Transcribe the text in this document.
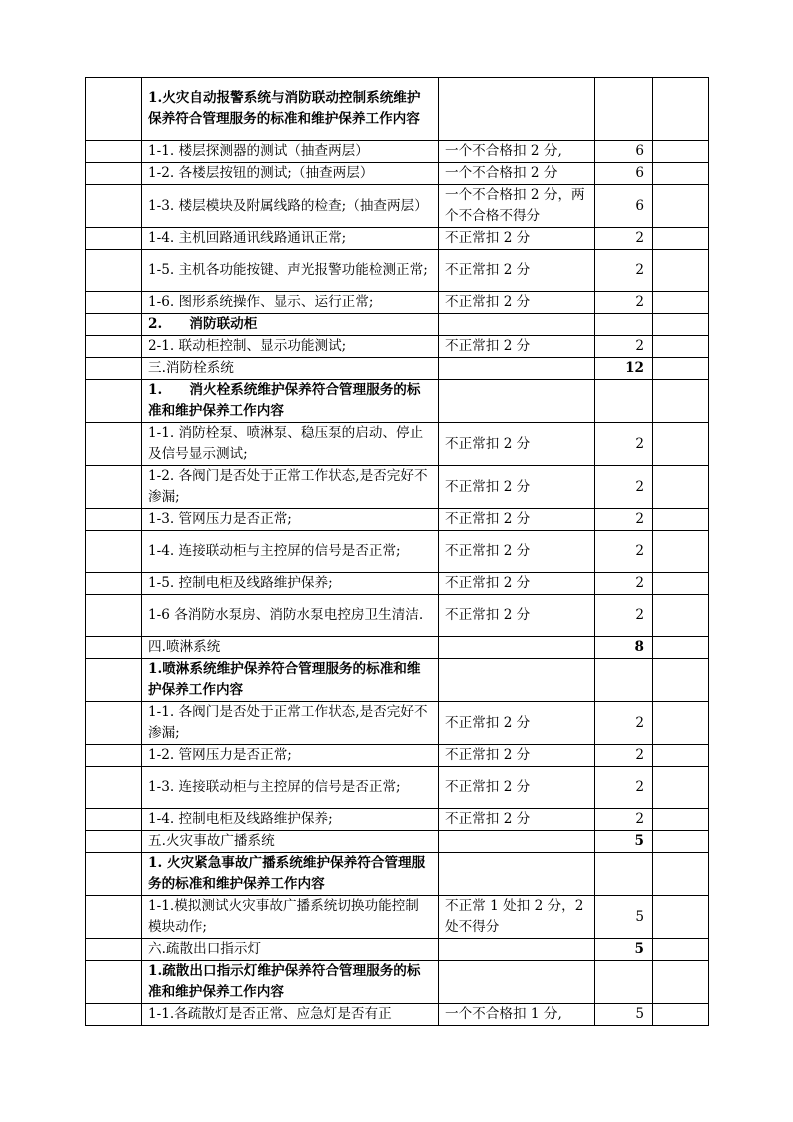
	1.火灾自动报警系统与消防联动控制系统维护保养符合管理服务的标准和维护保养工作内容			
	1-1. 楼层探测器的测试（抽查两层）	一个不合格扣 2 分,	6	
	1-2. 各楼层按钮的测试;（抽查两层）	一个不合格扣 2 分	6	
	1-3. 楼层模块及附属线路的检查;（抽查两层）	一个不合格扣 2 分，两个不合格不得分	6	
	1-4. 主机回路通讯线路通讯正常;	不正常扣 2 分	2	
	1-5. 主机各功能按键、声光报警功能检测正常;	不正常扣 2 分	2	
	1-6. 图形系统操作、显示、运行正常;	不正常扣 2 分	2	
	2.　　消防联动柜			
	2-1. 联动柜控制、显示功能测试;	不正常扣 2 分	2	
	三.消防栓系统		12	
	1.　　消火栓系统维护保养符合管理服务的标准和维护保养工作内容			
	1-1. 消防栓泵、喷淋泵、稳压泵的启动、停止及信号显示测试;	不正常扣 2 分	2	
	1-2. 各阀门是否处于正常工作状态,是否完好不渗漏;	不正常扣 2 分	2	
	1-3. 管网压力是否正常;	不正常扣 2 分	2	
	1-4. 连接联动柜与主控屏的信号是否正常;	不正常扣 2 分	2	
	1-5. 控制电柜及线路维护保养;	不正常扣 2 分	2	
	1-6 各消防水泵房、消防水泵电控房卫生清洁.	不正常扣 2 分	2	
	四.喷淋系统		8	
	1.喷淋系统维护保养符合管理服务的标准和维护保养工作内容			
	1-1. 各阀门是否处于正常工作状态,是否完好不渗漏;	不正常扣 2 分	2	
	1-2. 管网压力是否正常;	不正常扣 2 分	2	
	1-3. 连接联动柜与主控屏的信号是否正常;	不正常扣 2 分	2	
	1-4. 控制电柜及线路维护保养;	不正常扣 2 分	2	
	五.火灾事故广播系统		5	
	1. 火灾紧急事故广播系统维护保养符合管理服务的标准和维护保养工作内容			
	1-1.模拟测试火灾事故广播系统切换功能控制模块动作;	不正常 1 处扣 2 分，2 处不得分	5	
	六.疏散出口指示灯		5	
	1.疏散出口指示灯维护保养符合管理服务的标准和维护保养工作内容			
	1-1.各疏散灯是否正常、应急灯是否有正	一个不合格扣 1 分,	5	
